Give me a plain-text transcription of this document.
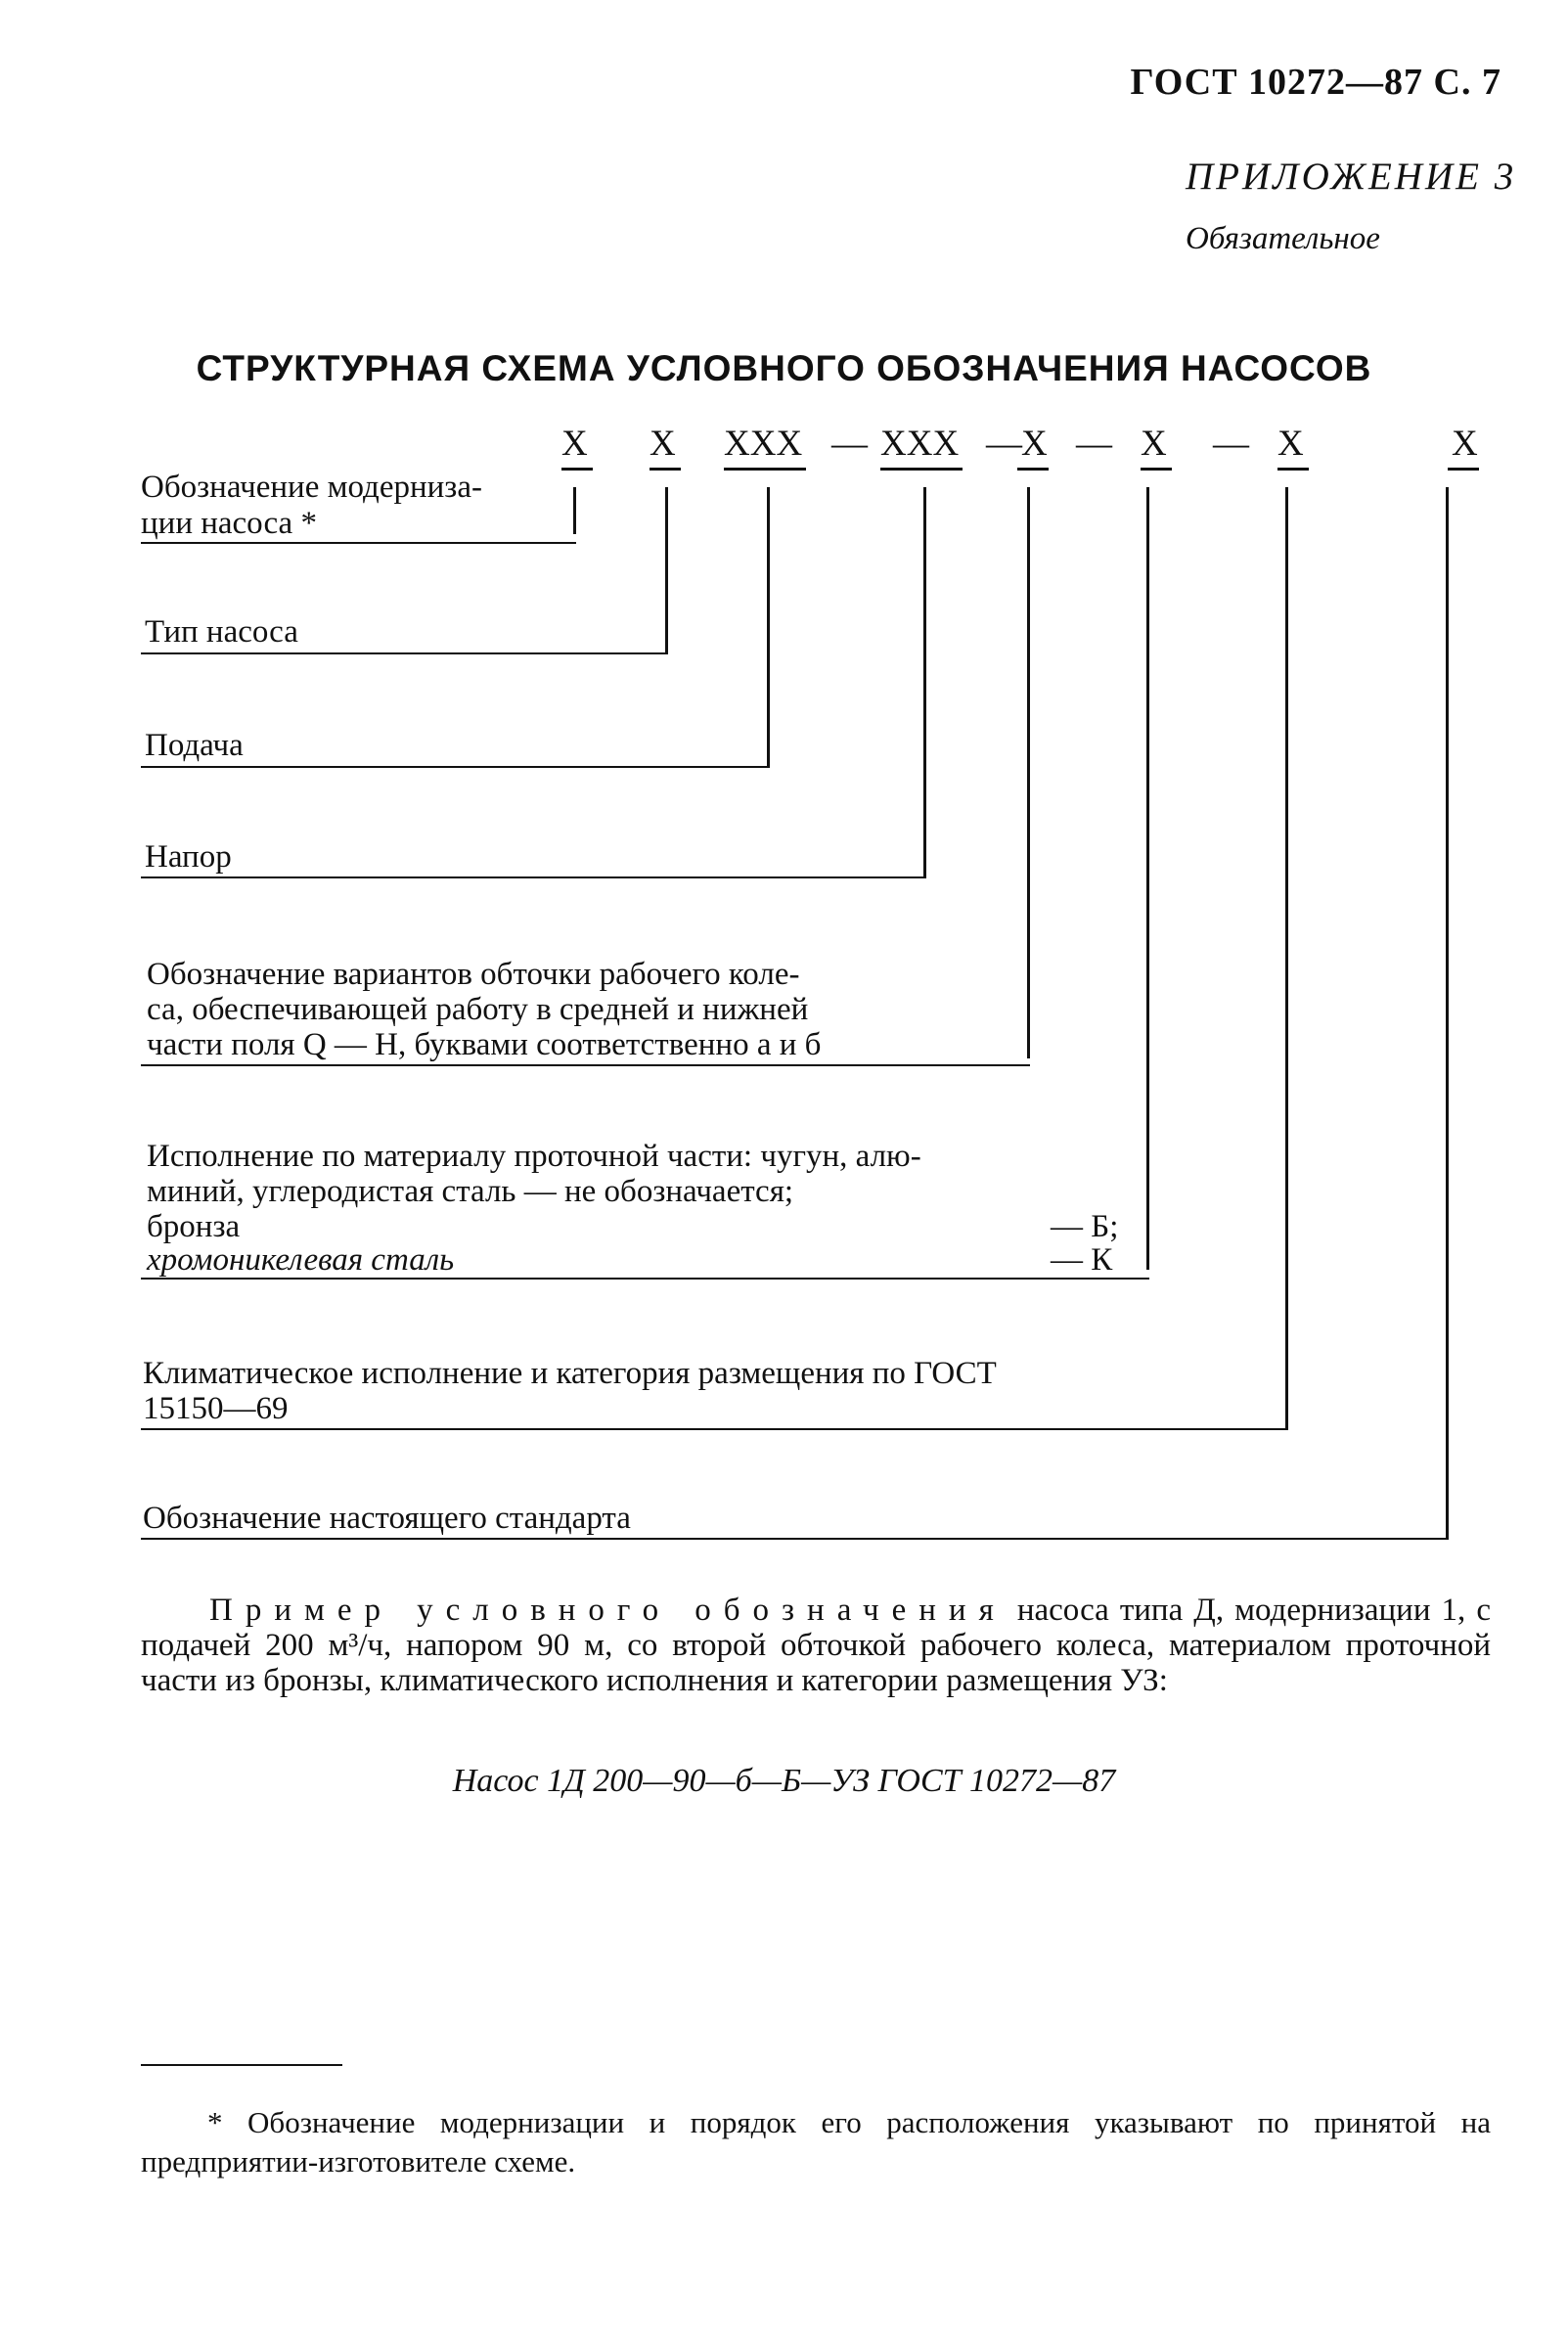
ГОСТ 10272—87 С. 7
ПРИЛОЖЕНИЕ 3
Обязательное
СТРУКТУРНАЯ СХЕМА УСЛОВНОГО ОБОЗНАЧЕНИЯ НАСОСОВ
Х Х ХХХ — ХХХ — Х — Х — Х	Х
Обозначение модерниза-
ции насоса *
Тип насоса
Подача
Напор
Обозначение вариантов обточки рабочего коле-
са, обеспечивающей работу в средней и нижней
части поля Q — H, буквами соответственно а и б
Исполнение по материалу проточной части: чугун, алю-
миний, углеродистая сталь — не обозначается;
бронза	— Б;
хромоникелевая сталь	— К
Климатическое исполнение и категория размещения по ГОСТ
15150—69
Обозначение настоящего стандарта
Пример условного обозначения насоса типа Д, модернизации 1, с подачей 200 м³/ч, напором 90 м, со второй обточкой рабочего колеса, материалом проточной части из бронзы, климатического исполнения и категории размещения УЗ:
Насос 1Д 200—90—б—Б—УЗ ГОСТ 10272—87
* Обозначение модернизации и порядок его расположения указывают по принятой на предприятии-изготовителе схеме.
